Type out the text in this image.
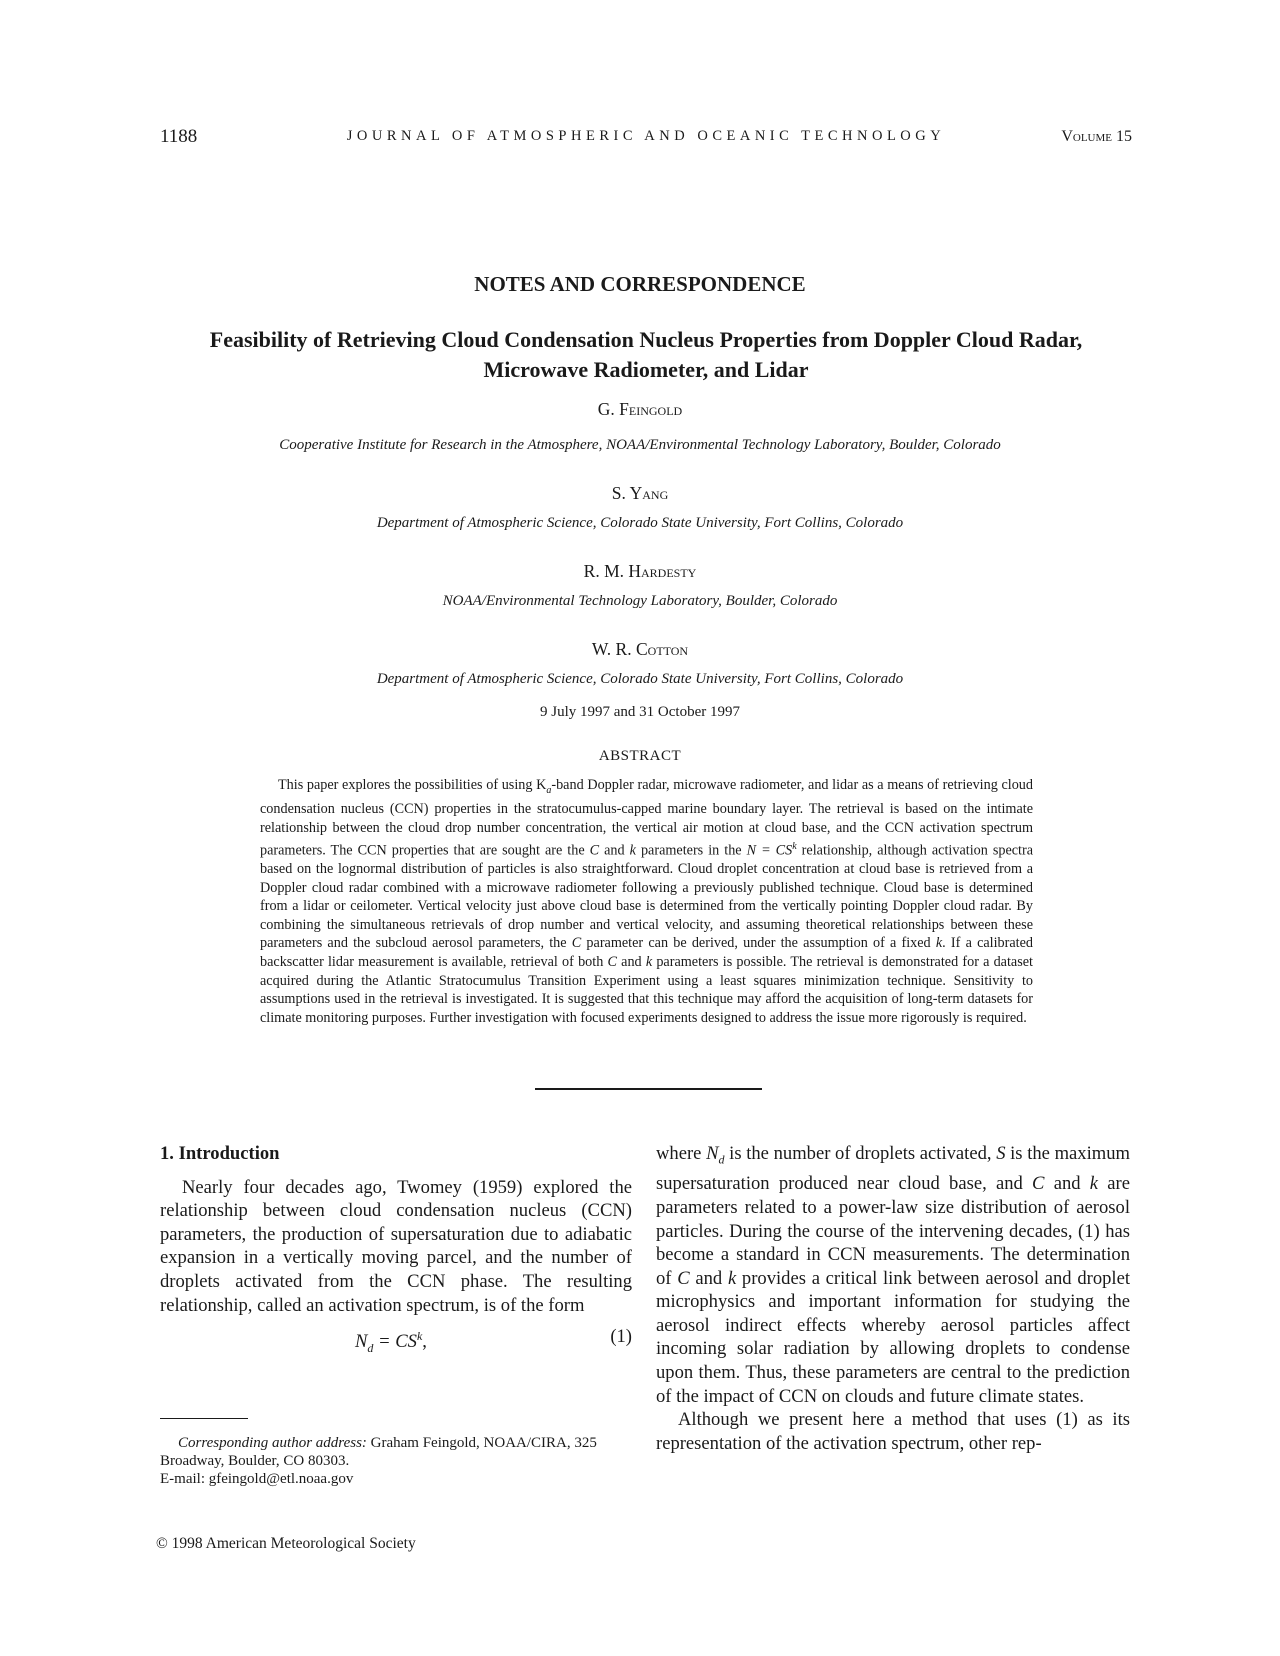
1188	JOURNAL OF ATMOSPHERIC AND OCEANIC TECHNOLOGY	Volume 15
NOTES AND CORRESPONDENCE
Feasibility of Retrieving Cloud Condensation Nucleus Properties from Doppler Cloud Radar, Microwave Radiometer, and Lidar
G. Feingold
Cooperative Institute for Research in the Atmosphere, NOAA/Environmental Technology Laboratory, Boulder, Colorado
S. Yang
Department of Atmospheric Science, Colorado State University, Fort Collins, Colorado
R. M. Hardesty
NOAA/Environmental Technology Laboratory, Boulder, Colorado
W. R. Cotton
Department of Atmospheric Science, Colorado State University, Fort Collins, Colorado
9 July 1997 and 31 October 1997
ABSTRACT

This paper explores the possibilities of using $K_a$-band Doppler radar, microwave radiometer, and lidar as a means of retrieving cloud condensation nucleus (CCN) properties in the stratocumulus-capped marine boundary layer. The retrieval is based on the intimate relationship between the cloud drop number concentration, the vertical air motion at cloud base, and the CCN activation spectrum parameters. The CCN properties that are sought are the C and k parameters in the $N = CS^k$ relationship, although activation spectra based on the lognormal distribution of particles is also straightforward. Cloud droplet concentration at cloud base is retrieved from a Doppler cloud radar combined with a microwave radiometer following a previously published technique. Cloud base is determined from a lidar or ceilometer. Vertical velocity just above cloud base is determined from the vertically pointing Doppler cloud radar. By combining the simultaneous retrievals of drop number and vertical velocity, and assuming theoretical relationships between these parameters and the subcloud aerosol parameters, the C parameter can be derived, under the assumption of a fixed k. If a calibrated backscatter lidar measurement is available, retrieval of both C and k parameters is possible. The retrieval is demonstrated for a dataset acquired during the Atlantic Stratocumulus Transition Experiment using a least squares minimization technique. Sensitivity to assumptions used in the retrieval is investigated. It is suggested that this technique may afford the acquisition of long-term datasets for climate monitoring purposes. Further investigation with focused experiments designed to address the issue more rigorously is required.

1. Introduction

Nearly four decades ago, Twomey (1959) explored the relationship between cloud condensation nucleus (CCN) parameters, the production of supersaturation due to adiabatic expansion in a vertically moving parcel, and the number of droplets activated from the CCN phase. The resulting relationship, called an activation spectrum, is of the form

$N_d = CS^k$,	(1)

where $N_d$ is the number of droplets activated, S is the maximum supersaturation produced near cloud base, and C and k are parameters related to a power-law size distribution of aerosol particles. During the course of the intervening decades, (1) has become a standard in CCN measurements. The determination of C and k provides a critical link between aerosol and droplet microphysics and important information for studying the aerosol indirect effects whereby aerosol particles affect incoming solar radiation by allowing droplets to condense upon them. Thus, these parameters are central to the prediction of the impact of CCN on clouds and future climate states.

Although we present here a method that uses (1) as its representation of the activation spectrum, other rep-

Corresponding author address: Graham Feingold, NOAA/CIRA, 325 Broadway, Boulder, CO 80303.

E-mail: gfeingold@etl.noaa.gov

© 1998 American Meteorological Society
